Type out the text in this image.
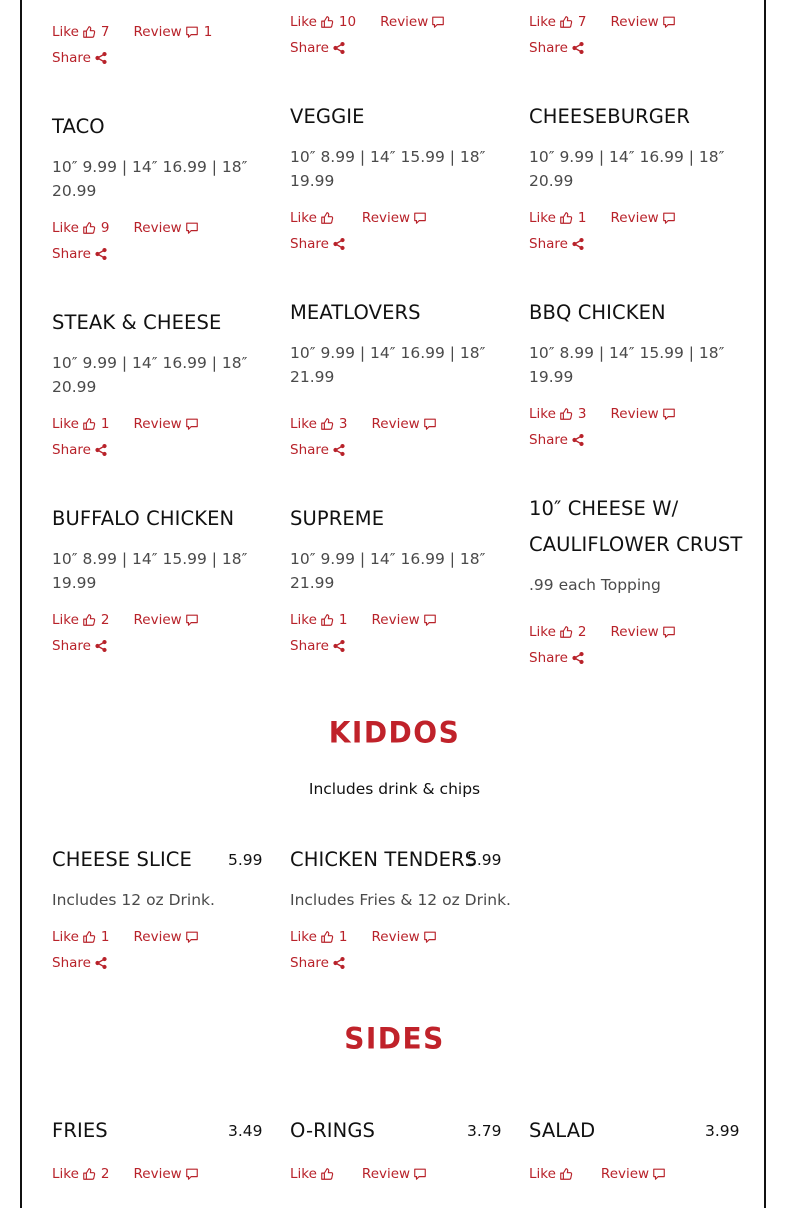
Like 7 Review 1
Share
Like 10 Review
Share
Like 7 Review
Share
TACO
10″ 9.99 | 14″ 16.99 | 18″
20.99
Like 9 Review
Share
VEGGIE
10″ 8.99 | 14″ 15.99 | 18″
19.99
Like	Review
Share
CHEESEBURGER
10″ 9.99 | 14″ 16.99 | 18″
20.99
Like 1 Review
Share
STEAK & CHEESE
10″ 9.99 | 14″ 16.99 | 18″
20.99
Like 1 Review
Share
MEATLOVERS
10″ 9.99 | 14″ 16.99 | 18″
21.99
Like 3 Review
Share
BBQ CHICKEN
10″ 8.99 | 14″ 15.99 | 18″
19.99
Like 3 Review
Share
BUFFALO CHICKEN
10″ 8.99 | 14″ 15.99 | 18″
19.99
Like 2 Review
Share
SUPREME
10″ 9.99 | 14″ 16.99 | 18″
21.99
Like 1 Review
Share
10″ CHEESE W/
CAULIFLOWER CRUST
.99 each Topping
Like 2 Review
Share
KIDDOS
Includes drink & chips
CHEESE SLICE 5.99
Includes 12 oz Drink.
Like 1 Review
Share
CHICKEN TENDERS
5.99
Includes Fries & 12 oz Drink.
Like 1 Review
Share
SIDES
FRIES	3.49
Like 2 Review
O-RINGS	3.79
Like	Review
SALAD	3.99
Like	Review
